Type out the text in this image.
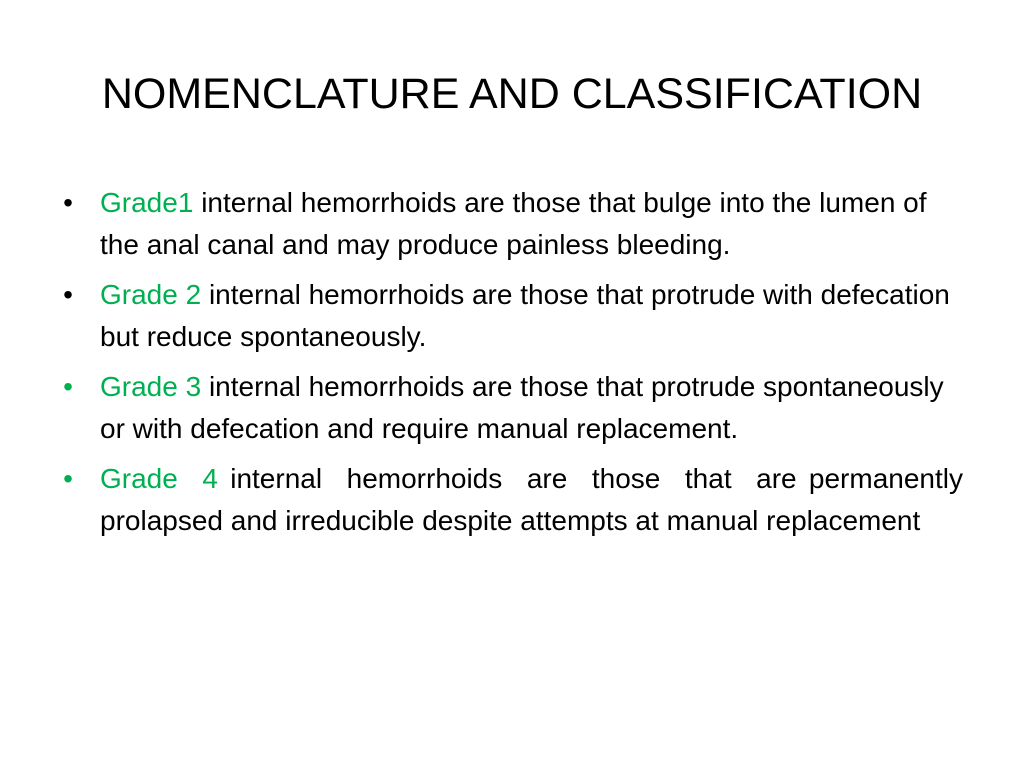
NOMENCLATURE AND CLASSIFICATION
• Grade1 internal hemorrhoids are those that bulge into the lumen of the anal canal and may produce painless bleeding.
• Grade 2 internal hemorrhoids are those that protrude with defecation but reduce spontaneously.
• Grade 3 internal hemorrhoids are those that protrude spontaneously or with defecation and require manual replacement.
• Grade  4 internal  hemorrhoids  are  those  that  are permanently prolapsed and irreducible despite attempts at manual replacement
